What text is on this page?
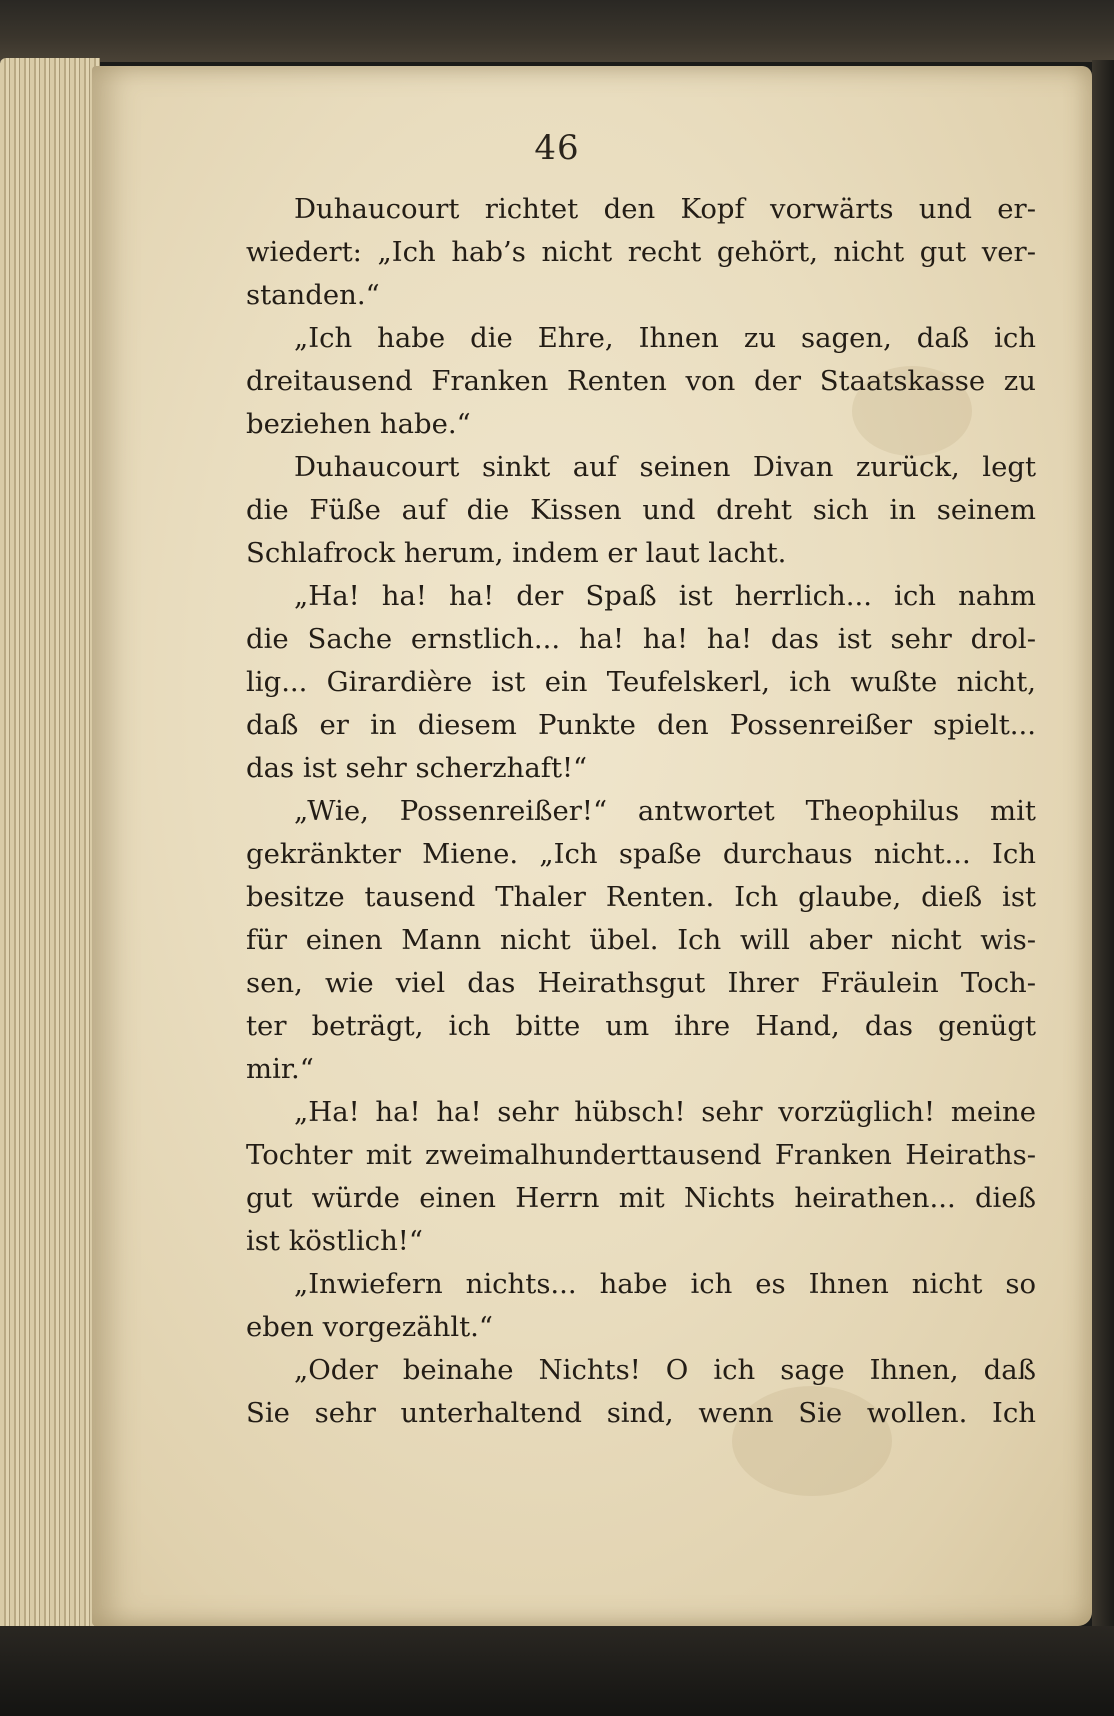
46
Duhaucourt richtet den Kopf vorwärts und er-
wiedert: „Ich hab’s nicht recht gehört, nicht gut ver-
standen.“
„Ich habe die Ehre, Ihnen zu sagen, daß ich
dreitausend Franken Renten von der Staatskasse zu
beziehen habe.“
Duhaucourt sinkt auf seinen Divan zurück, legt
die Füße auf die Kissen und dreht sich in seinem
Schlafrock herum, indem er laut lacht.
„Ha! ha! ha! der Spaß ist herrlich... ich nahm
die Sache ernstlich... ha! ha! ha! das ist sehr drol-
lig... Girardière ist ein Teufelskerl, ich wußte nicht,
daß er in diesem Punkte den Possenreißer spielt...
das ist sehr scherzhaft!“
„Wie, Possenreißer!“ antwortet Theophilus mit
gekränkter Miene. „Ich spaße durchaus nicht... Ich
besitze tausend Thaler Renten. Ich glaube, dieß ist
für einen Mann nicht übel. Ich will aber nicht wis-
sen, wie viel das Heirathsgut Ihrer Fräulein Toch-
ter beträgt, ich bitte um ihre Hand, das genügt
mir.“
„Ha! ha! ha! sehr hübsch! sehr vorzüglich! meine
Tochter mit zweimalhunderttausend Franken Heiraths-
gut würde einen Herrn mit Nichts heirathen... dieß
ist köstlich!“
„Inwiefern nichts... habe ich es Ihnen nicht so
eben vorgezählt.“
„Oder beinahe Nichts! O ich sage Ihnen, daß
Sie sehr unterhaltend sind, wenn Sie wollen. Ich
